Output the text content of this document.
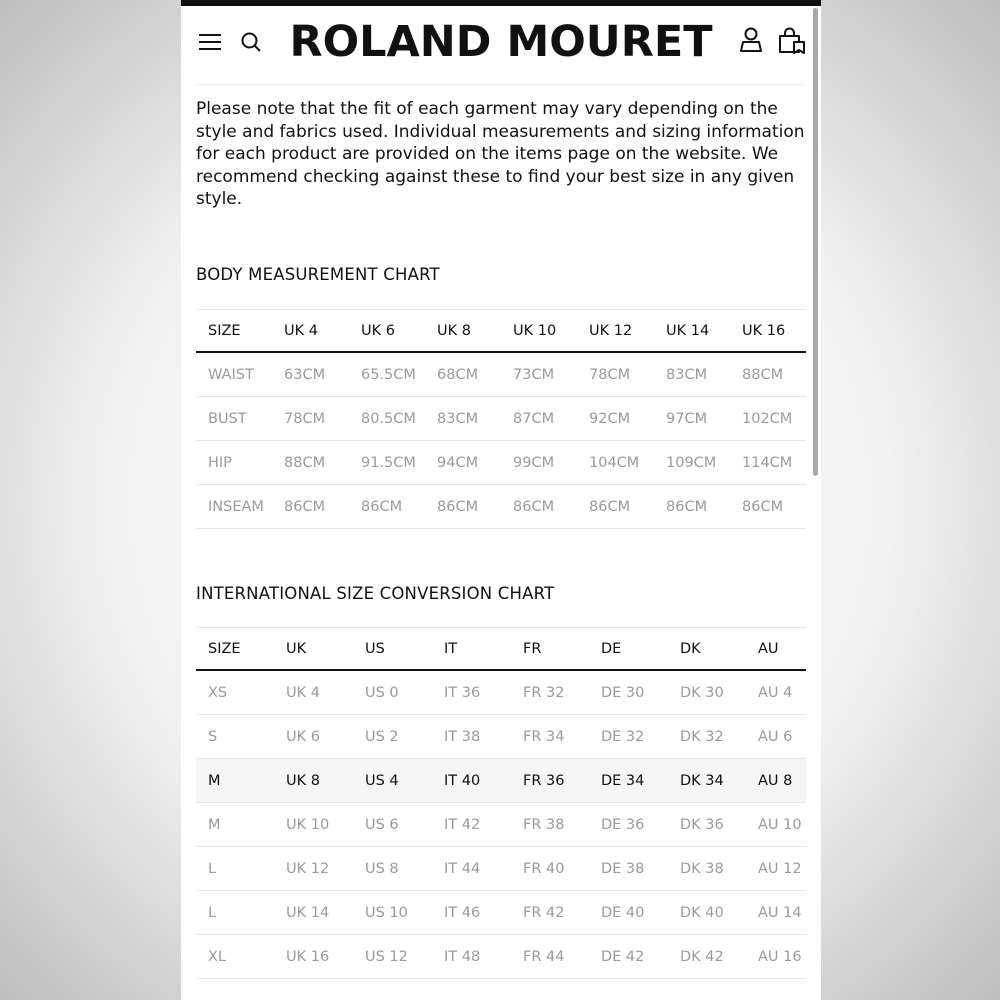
ROLAND MOURET

Please note that the fit of each garment may vary depending on the style and fabrics used. Individual measurements and sizing information for each product are provided on the items page on the website. We recommend checking against these to find your best size in any given style.

BODY MEASUREMENT CHART
SIZE	UK 4	UK 6	UK 8	UK 10 UK 12 UK 14 UK 16
WAIST 63CM 65.5CM 68CM 73CM 78CM 83CM 88CM
BUST	78CM 80.5CM 83CM 87CM 92CM 97CM 102CM
HIP	88CM 91.5CM 94CM 99CM 104CM 109CM 114CM
INSEAM 86CM 86CM 86CM 86CM 86CM 86CM 86CM
INTERNATIONAL SIZE CONVERSION CHART
SIZE	UK	US	IT	FR	DE	DK	AU
XS	UK 4	US 0	IT 36	FR 32	DE 30 DK 30 AU 4
S	UK 6	US 2	IT 38	FR 34	DE 32 DK 32 AU 6
M	UK 8	US 4	IT 40	FR 36	DE 34 DK 34 AU 8
M	UK 10 US 6	IT 42	FR 38	DE 36 DK 36 AU 10
L	UK 12 US 8	IT 44	FR 40	DE 38 DK 38 AU 12
L	UK 14 US 10 IT 46	FR 42	DE 40 DK 40 AU 14
XL	UK 16 US 12 IT 48	FR 44	DE 42 DK 42 AU 16
